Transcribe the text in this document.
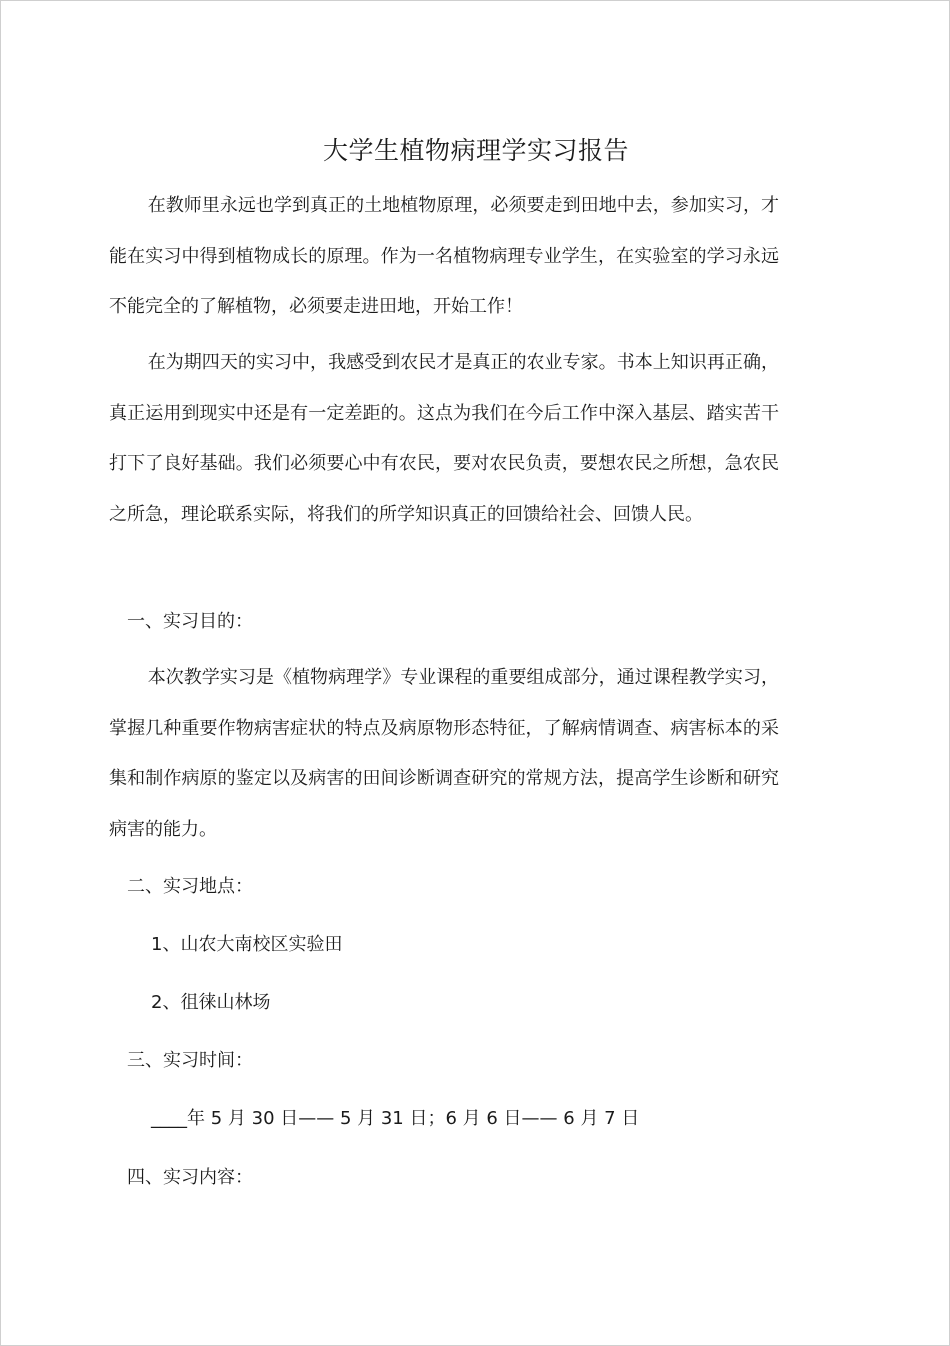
大学生植物病理学实习报告

在教师里永远也学到真正的土地植物原理，必须要走到田地中去，参加实习，才能在实习中得到植物成长的原理。作为一名植物病理专业学生，在实验室的学习永远不能完全的了解植物，必须要走进田地，开始工作！

在为期四天的实习中，我感受到农民才是真正的农业专家。书本上知识再正确，真正运用到现实中还是有一定差距的。这点为我们在今后工作中深入基层、踏实苦干打下了良好基础。我们必须要心中有农民，要对农民负责，要想农民之所想，急农民之所急，理论联系实际，将我们的所学知识真正的回馈给社会、回馈人民。

一、实习目的：

本次教学实习是《植物病理学》专业课程的重要组成部分，通过课程教学实习，掌握几种重要作物病害症状的特点及病原物形态特征，了解病情调查、病害标本的采集和制作病原的鉴定以及病害的田间诊断调查研究的常规方法，提高学生诊断和研究病害的能力。

二、实习地点：
1、山农大南校区实验田
2、徂徕山林场
三、实习时间：
____年 5 月 30 日—— 5 月 31 日；6 月 6 日—— 6 月 7 日
四、实习内容：
